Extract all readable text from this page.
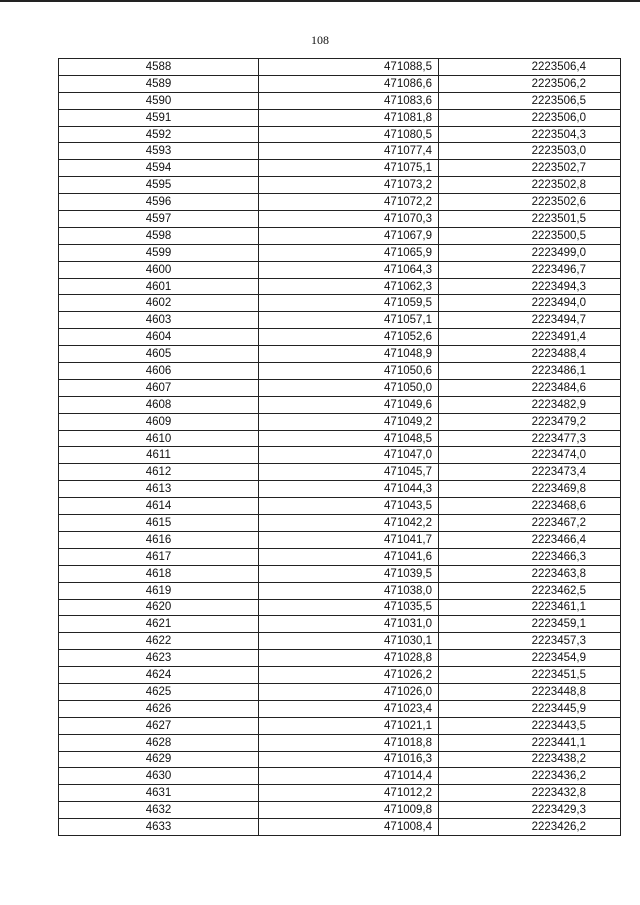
108
4588	471088,5	2223506,4
4589	471086,6	2223506,2
4590	471083,6	2223506,5
4591	471081,8	2223506,0
4592	471080,5	2223504,3
4593	471077,4	2223503,0
4594	471075,1	2223502,7
4595	471073,2	2223502,8
4596	471072,2	2223502,6
4597	471070,3	2223501,5
4598	471067,9	2223500,5
4599	471065,9	2223499,0
4600	471064,3	2223496,7
4601	471062,3	2223494,3
4602	471059,5	2223494,0
4603	471057,1	2223494,7
4604	471052,6	2223491,4
4605	471048,9	2223488,4
4606	471050,6	2223486,1
4607	471050,0	2223484,6
4608	471049,6	2223482,9
4609	471049,2	2223479,2
4610	471048,5	2223477,3
4611	471047,0	2223474,0
4612	471045,7	2223473,4
4613	471044,3	2223469,8
4614	471043,5	2223468,6
4615	471042,2	2223467,2
4616	471041,7	2223466,4
4617	471041,6	2223466,3
4618	471039,5	2223463,8
4619	471038,0	2223462,5
4620	471035,5	2223461,1
4621	471031,0	2223459,1
4622	471030,1	2223457,3
4623	471028,8	2223454,9
4624	471026,2	2223451,5
4625	471026,0	2223448,8
4626	471023,4	2223445,9
4627	471021,1	2223443,5
4628	471018,8	2223441,1
4629	471016,3	2223438,2
4630	471014,4	2223436,2
4631	471012,2	2223432,8
4632	471009,8	2223429,3
4633	471008,4	2223426,2
